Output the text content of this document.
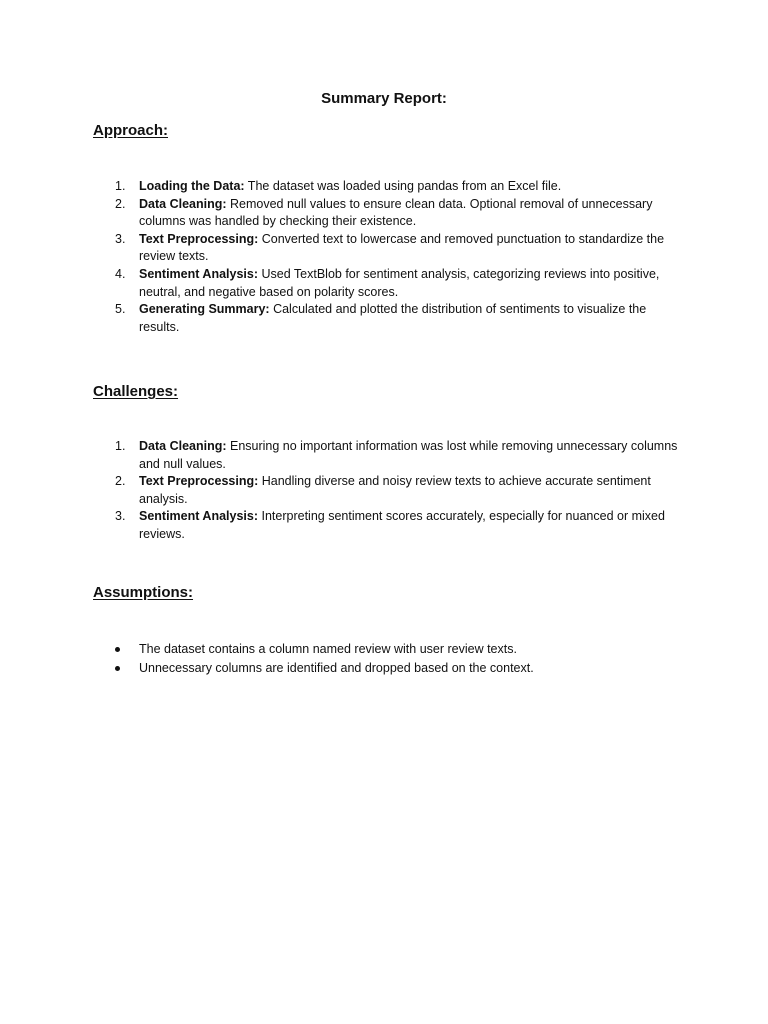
Summary Report:
Approach:
1. Loading the Data: The dataset was loaded using pandas from an Excel file.
2. Data Cleaning: Removed null values to ensure clean data. Optional removal of unnecessary columns was handled by checking their existence.
3. Text Preprocessing: Converted text to lowercase and removed punctuation to standardize the review texts.
4. Sentiment Analysis: Used TextBlob for sentiment analysis, categorizing reviews into positive, neutral, and negative based on polarity scores.
5. Generating Summary: Calculated and plotted the distribution of sentiments to visualize the results.
Challenges:
1. Data Cleaning: Ensuring no important information was lost while removing unnecessary columns and null values.
2. Text Preprocessing: Handling diverse and noisy review texts to achieve accurate sentiment analysis.
3. Sentiment Analysis: Interpreting sentiment scores accurately, especially for nuanced or mixed reviews.
Assumptions:
The dataset contains a column named review with user review texts.
Unnecessary columns are identified and dropped based on the context.
